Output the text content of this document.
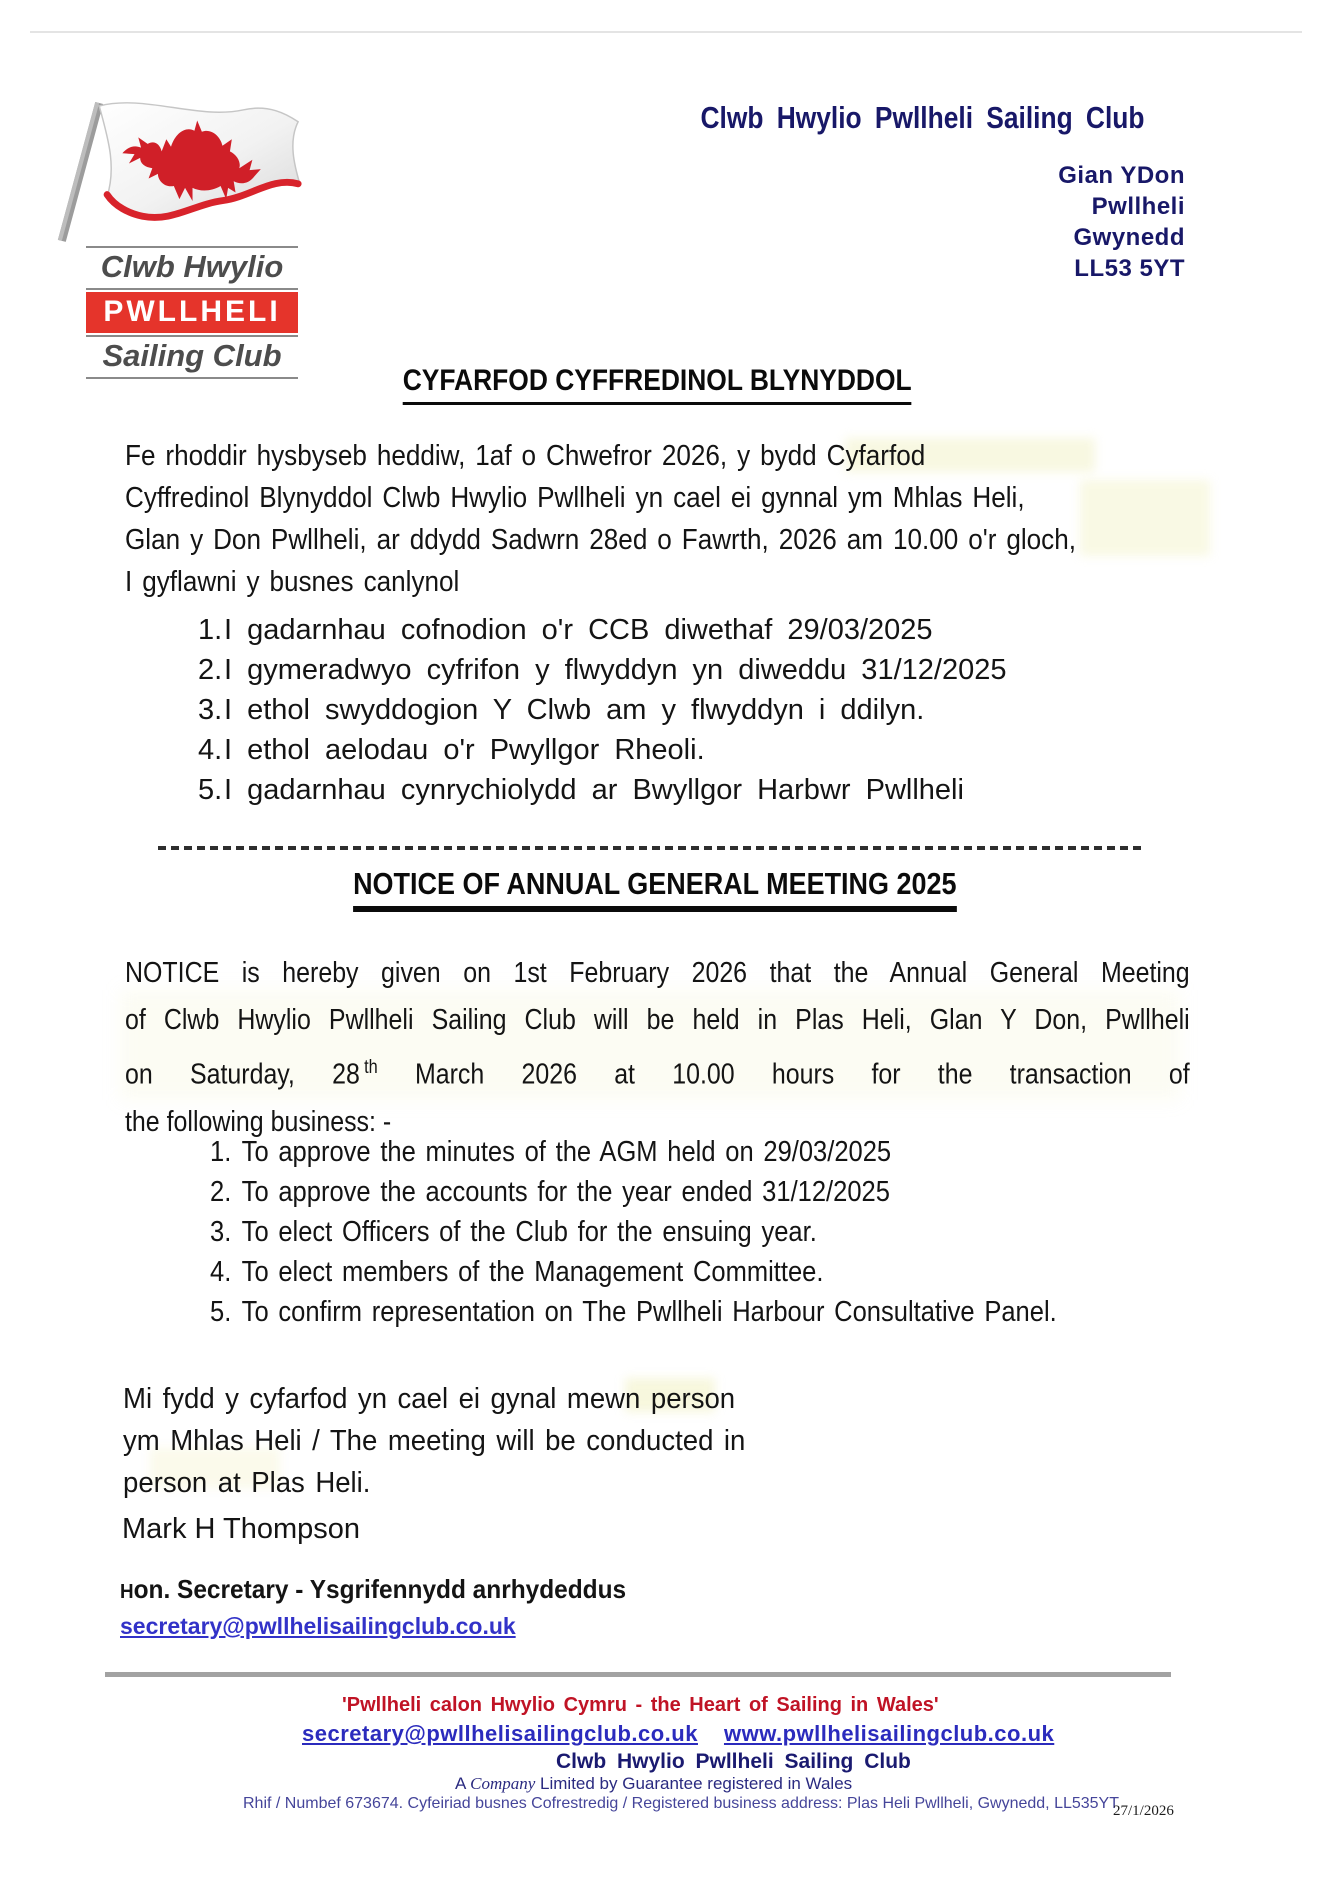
Clwb Hwylio
PWLLHELI
Sailing Club
Clwb Hwylio Pwllheli Sailing Club
Gian YDon
Pwllheli
Gwynedd
LL53 5YT
CYFARFOD CYFFREDINOL BLYNYDDOL
Fe rhoddir hysbyseb heddiw, 1af o Chwefror 2026, y bydd Cyfarfod
Cyffredinol Blynyddol Clwb Hwylio Pwllheli yn cael ei gynnal ym Mhlas Heli,
Glan y Don Pwllheli, ar ddydd Sadwrn 28ed o Fawrth, 2026 am 10.00 o'r gloch,
I gyflawni y busnes canlynol
1. I gadarnhau cofnodion o'r CCB diwethaf 29/03/2025
2. I gymeradwyo cyfrifon y flwyddyn yn diweddu 31/12/2025
3. I ethol swyddogion Y Clwb am y flwyddyn i ddilyn.
4. I ethol aelodau o'r Pwyllgor Rheoli.
5. I gadarnhau cynrychiolydd ar Bwyllgor Harbwr Pwllheli
NOTICE OF ANNUAL GENERAL MEETING 2025
NOTICE is hereby given on 1st February 2026 that the Annual General Meeting
of Clwb Hwylio Pwllheli Sailing Club will be held in Plas Heli, Glan Y Don, Pwllheli
on Saturday, 28 $^{th}$ March 2026 at 10.00 hours for the transaction of
the following business: -
1. To approve the minutes of the AGM held on 29/03/2025
2. To approve the accounts for the year ended 31/12/2025
3. To elect Officers of the Club for the ensuing year.
4. To elect members of the Management Committee.
5. To confirm representation on The Pwllheli Harbour Consultative Panel.
Mi fydd y cyfarfod yn cael ei gynal mewn person
ym Mhlas Heli / The meeting will be conducted in
person at Plas Heli.
Mark H Thompson
Hon. Secretary - Ysgrifennydd anrhydeddus
secretary@pwllhelisailingclub.co.uk
'Pwllheli calon Hwylio Cymru - the Heart of Sailing in Wales'
secretary@pwllhelisailingclub.co.uk www.pwllhelisailingclub.co.uk
Clwb Hwylio Pwllheli Sailing Club
A Company Limited by Guarantee registered in Wales
Rhif / Numbef 673674. Cyfeiriad busnes Cofrestredig / Registered business address: Plas Heli Pwllheli, Gwynedd, LL535YT
27/1/2026
